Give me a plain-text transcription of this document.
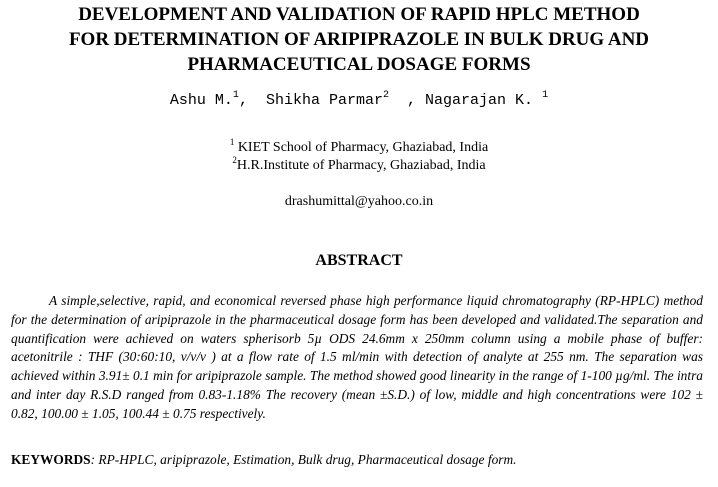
DEVELOPMENT AND VALIDATION OF RAPID HPLC METHOD
FOR DETERMINATION OF ARIPIPRAZOLE IN BULK DRUG AND
PHARMACEUTICAL DOSAGE FORMS
Ashu M.$^1$,  Shikha Parmar$^2$  , Nagarajan K. $^1$
$^1$ KIET School of Pharmacy, Ghaziabad, India
$^2$H.R.Institute of Pharmacy, Ghaziabad, India
drashumittal@yahoo.co.in
ABSTRACT
A simple,selective, rapid, and economical reversed phase high performance liquid chromatography (RP-HPLC) method for the determination of aripiprazole in the pharmaceutical dosage form has been developed and validated.The separation and quantification were achieved on waters spherisorb 5µ ODS 24.6mm x 250mm column using a mobile phase of buffer: acetonitrile : THF (30:60:10, v/v/v ) at a flow rate of 1.5 ml/min with detection of analyte at 255 nm. The separation was achieved within 3.91± 0.1 min for aripiprazole sample. The method showed good linearity in the range of 1-100 µg/ml. The intra and inter day R.S.D ranged from 0.83-1.18% The recovery (mean ±S.D.) of low, middle and high concentrations were 102 ± 0.82, 100.00 ± 1.05, 100.44 ± 0.75 respectively.
KEYWORDS: RP-HPLC, aripiprazole, Estimation, Bulk drug, Pharmaceutical dosage form.
